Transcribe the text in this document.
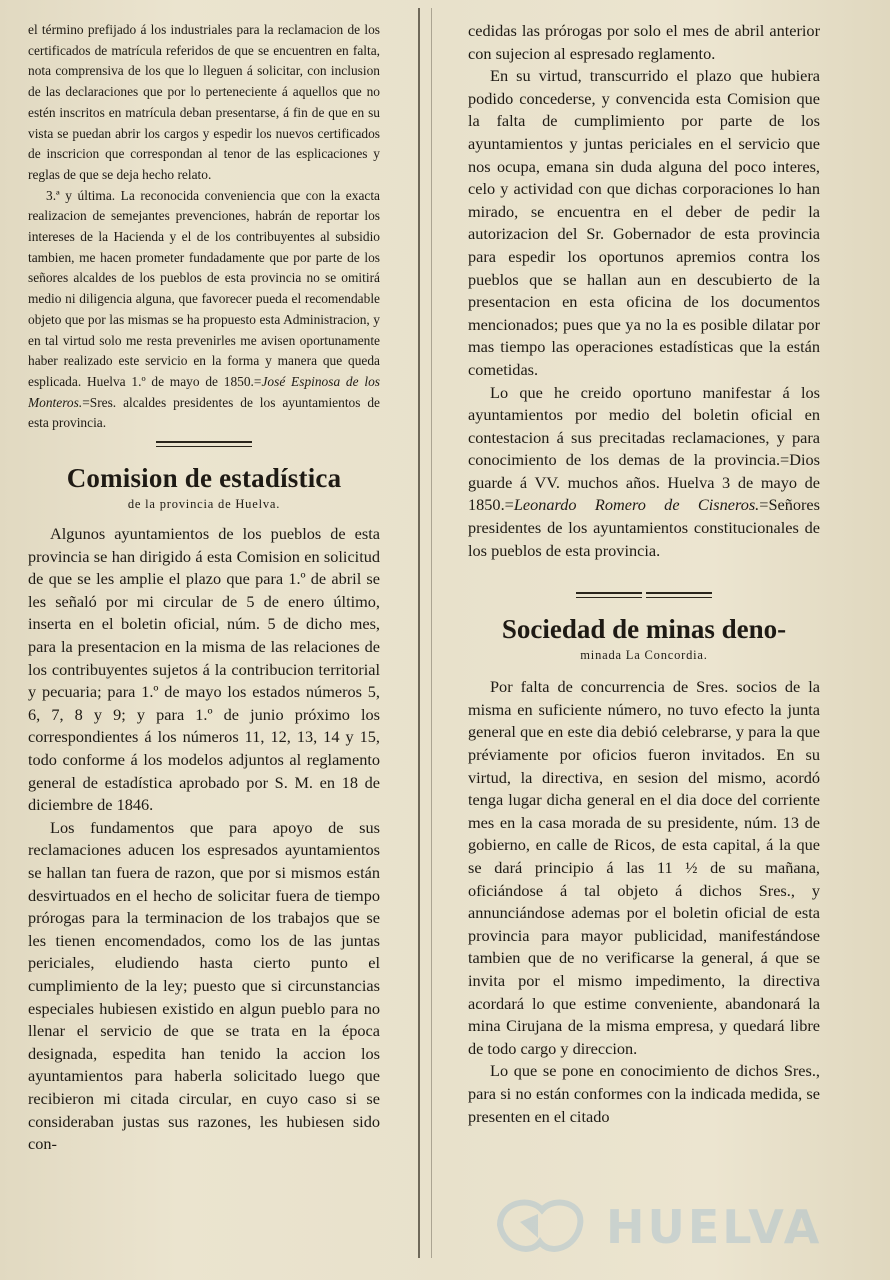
el término prefijado á los industriales para la reclamacion de los certificados de matrícula referidos de que se encuentren en falta, nota comprensiva de los que lo lleguen á solicitar, con inclusion de las declaraciones que por lo perteneciente á aquellos que no estén inscritos en matrícula deban presentarse, á fin de que en su vista se puedan abrir los cargos y espedir los nuevos certificados de inscricion que correspondan al tenor de las esplicaciones y reglas de que se deja hecho relato.

3.ª y última. La reconocida conveniencia que con la exacta realizacion de semejantes prevenciones, habrán de reportar los intereses de la Hacienda y el de los contribuyentes al subsidio tambien, me hacen prometer fundadamente que por parte de los señores alcaldes de los pueblos de esta provincia no se omitirá medio ni diligencia alguna, que favorecer pueda el recomendable objeto que por las mismas se ha propuesto esta Administracion, y en tal virtud solo me resta prevenirles me avisen oportunamente haber realizado este servicio en la forma y manera que queda esplicada. Huelva 1.º de mayo de 1850.=José Espinosa de los Monteros.=Sres. alcaldes presidentes de los ayuntamientos de esta provincia.

Comision de estadística
de la provincia de Huelva.

Algunos ayuntamientos de los pueblos de esta provincia se han dirigido á esta Comision en solicitud de que se les amplie el plazo que para 1.º de abril se les señaló por mi circular de 5 de enero último, inserta en el boletin oficial, núm. 5 de dicho mes, para la presentacion en la misma de las relaciones de los contribuyentes sujetos á la contribucion territorial y pecuaria; para 1.º de mayo los estados números 5, 6, 7, 8 y 9; y para 1.º de junio próximo los correspondientes á los números 11, 12, 13, 14 y 15, todo conforme á los modelos adjuntos al reglamento general de estadística aprobado por S. M. en 18 de diciembre de 1846.

Los fundamentos que para apoyo de sus reclamaciones aducen los espresados ayuntamientos se hallan tan fuera de razon, que por si mismos están desvirtuados en el hecho de solicitar fuera de tiempo prórogas para la terminacion de los trabajos que se les tienen encomendados, como los de las juntas periciales, eludiendo hasta cierto punto el cumplimiento de la ley; puesto que si circunstancias especiales hubiesen existido en algun pueblo para no llenar el servicio de que se trata en la época designada, espedita han tenido la accion los ayuntamientos para haberla solicitado luego que recibieron mi citada circular, en cuyo caso si se consideraban justas sus razones, les hubiesen sido con-

cedidas las prórogas por solo el mes de abril anterior con sujecion al espresado reglamento.

En su virtud, transcurrido el plazo que hubiera podido concederse, y convencida esta Comision que la falta de cumplimiento por parte de los ayuntamientos y juntas periciales en el servicio que nos ocupa, emana sin duda alguna del poco interes, celo y actividad con que dichas corporaciones lo han mirado, se encuentra en el deber de pedir la autorizacion del Sr. Gobernador de esta provincia para espedir los oportunos apremios contra los pueblos que se hallan aun en descubierto de la presentacion en esta oficina de los documentos mencionados; pues que ya no la es posible dilatar por mas tiempo las operaciones estadísticas que la están cometidas.

Lo que he creido oportuno manifestar á los ayuntamientos por medio del boletin oficial en contestacion á sus precitadas reclamaciones, y para conocimiento de los demas de la provincia.=Dios guarde á VV. muchos años. Huelva 3 de mayo de 1850.=Leonardo Romero de Cisneros.=Señores presidentes de los ayuntamientos constitucionales de los pueblos de esta provincia.

Sociedad de minas deno-
minada La Concordia.

Por falta de concurrencia de Sres. socios de la misma en suficiente número, no tuvo efecto la junta general que en este dia debió celebrarse, y para la que préviamente por oficios fueron invitados. En su virtud, la directiva, en sesion del mismo, acordó tenga lugar dicha general en el dia doce del corriente mes en la casa morada de su presidente, núm. 13 de gobierno, en calle de Ricos, de esta capital, á la que se dará principio á las 11 ½ de su mañana, oficiándose á tal objeto á dichos Sres., y annunciándose ademas por el boletin oficial de esta provincia para mayor publicidad, manifestándose tambien que de no verificarse la general, á que se invita por el mismo impedimento, la directiva acordará lo que estime conveniente, abandonará la mina Cirujana de la misma empresa, y quedará libre de todo cargo y direccion.

Lo que se pone en conocimiento de dichos Sres., para si no están conformes con la indicada medida, se presenten en el citado

HUELVA
